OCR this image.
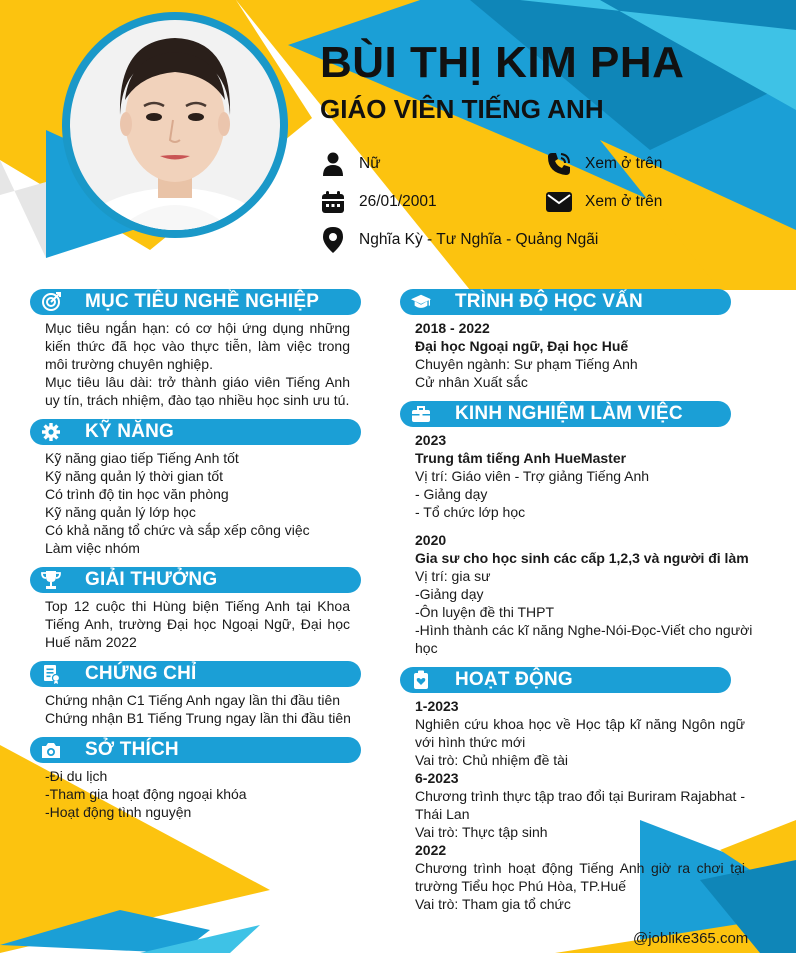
BÙI THỊ KIM PHA
GIÁO VIÊN TIẾNG ANH
Nữ
26/01/2001
Nghĩa Kỳ - Tư Nghĩa - Quảng Ngãi
Xem ở trên
Xem ở trên
MỤC TIÊU NGHỀ NGHIỆP
Mục tiêu ngắn hạn: có cơ hội ứng dụng những kiến thức đã học vào thực tiễn, làm việc trong môi trường chuyên nghiệp.
Mục tiêu lâu dài: trở thành giáo viên Tiếng Anh uy tín, trách nhiệm, đào tạo nhiều học sinh ưu tú.
KỸ NĂNG
Kỹ năng giao tiếp Tiếng Anh tốt
Kỹ năng quản lý thời gian tốt
Có trình độ tin học văn phòng
Kỹ năng quản lý lớp học
Có khả năng tổ chức và sắp xếp công việc
Làm việc nhóm
GIẢI THƯỞNG
Top 12 cuộc thi Hùng biện Tiếng Anh tại Khoa Tiếng Anh, trường Đại học Ngoại Ngữ, Đại học Huế năm 2022
CHỨNG CHỈ
Chứng nhận C1 Tiếng Anh ngay lần thi đầu tiên
Chứng nhận B1 Tiếng Trung ngay lần thi đầu tiên
SỞ THÍCH
-Đi du lịch
-Tham gia hoạt động ngoại khóa
-Hoạt động tình nguyện
TRÌNH ĐỘ HỌC VẤN
2018 - 2022
Đại học Ngoại ngữ, Đại học Huế
Chuyên ngành: Sư phạm Tiếng Anh
Cử nhân Xuất sắc
KINH NGHIỆM LÀM VIỆC
2023
Trung tâm tiếng Anh HueMaster
Vị trí: Giáo viên - Trợ giảng Tiếng Anh
- Giảng dạy
- Tổ chức lớp học
2020
Gia sư cho học sinh các cấp 1,2,3 và người đi làm
Vị trí: gia sư
-Giảng dạy
-Ôn luyện đề thi THPT
-Hình thành các kĩ năng Nghe-Nói-Đọc-Viết cho người
học
HOẠT ĐỘNG
1-2023
Nghiên cứu khoa học về Học tập kĩ năng Ngôn ngữ với hình thức mới
Vai trò: Chủ nhiệm đề tài
6-2023
Chương trình thực tập trao đổi tại Buriram Rajabhat - Thái Lan
Vai trò: Thực tập sinh
2022
Chương trình hoạt động Tiếng Anh giờ ra chơi tại trường Tiểu học Phú Hòa, TP.Huế
Vai trò: Tham gia tổ chức
@joblike365.com
